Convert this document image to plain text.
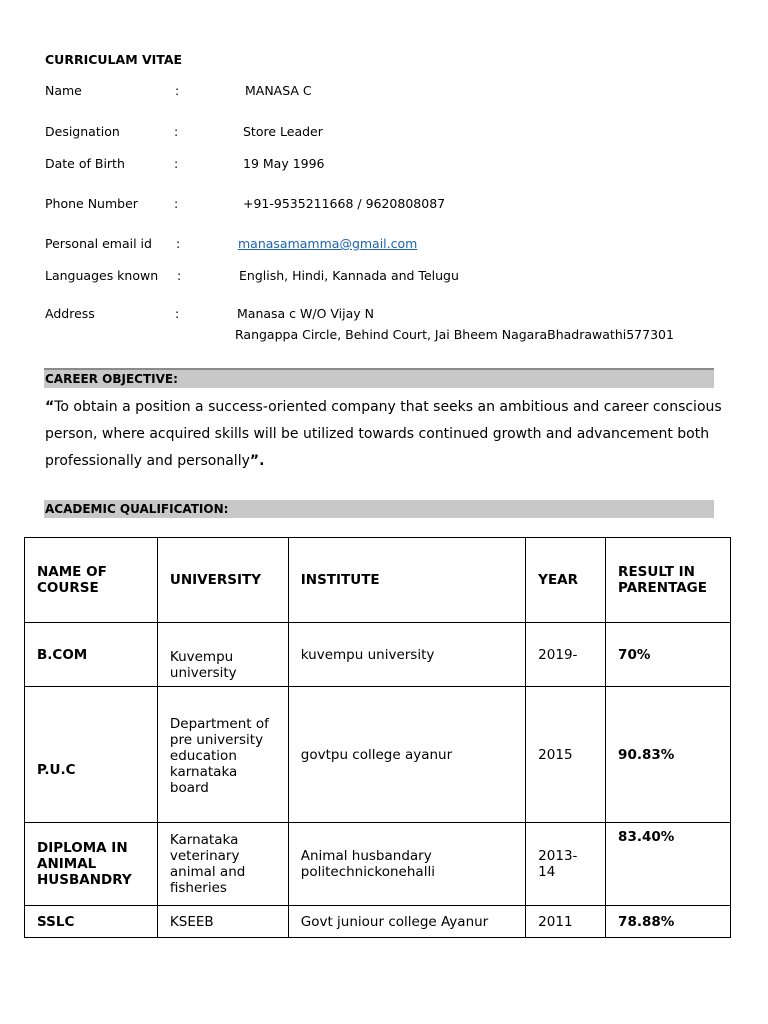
CURRICULAM VITAE
Name	:	MANASA C
Designation	:	Store Leader
Date of Birth	:	19 May 1996
Phone Number	:	+91-9535211668 / 9620808087
Personal email id :	manasamamma@gmail.com
Languages known :	English, Hindi, Kannada and Telugu
Address	:	Manasa c W/O Vijay N
Rangappa Circle, Behind Court, Jai Bheem NagaraBhadrawathi577301
CAREER OBJECTIVE:
“To obtain a position a success-oriented company that seeks an ambitious and career conscious person, where acquired skills will be utilized towards continued growth and advancement both professionally and personally”.
ACADEMIC QUALIFICATION:
NAME OF COURSE	UNIVERSITY	INSTITUTE	YEAR	RESULT IN PARENTAGE
B.COM	Kuvempu university	kuvempu university	2019-	70%
P.U.C	Department of pre university education karnataka board	govtpu college ayanur	2015	90.83%
DIPLOMA IN ANIMAL HUSBANDRY	Karnataka veterinary animal and fisheries	Animal husbandary politechnickonehalli	2013-14	83.40%
SSLC	KSEEB	Govt juniour college Ayanur	2011	78.88%
